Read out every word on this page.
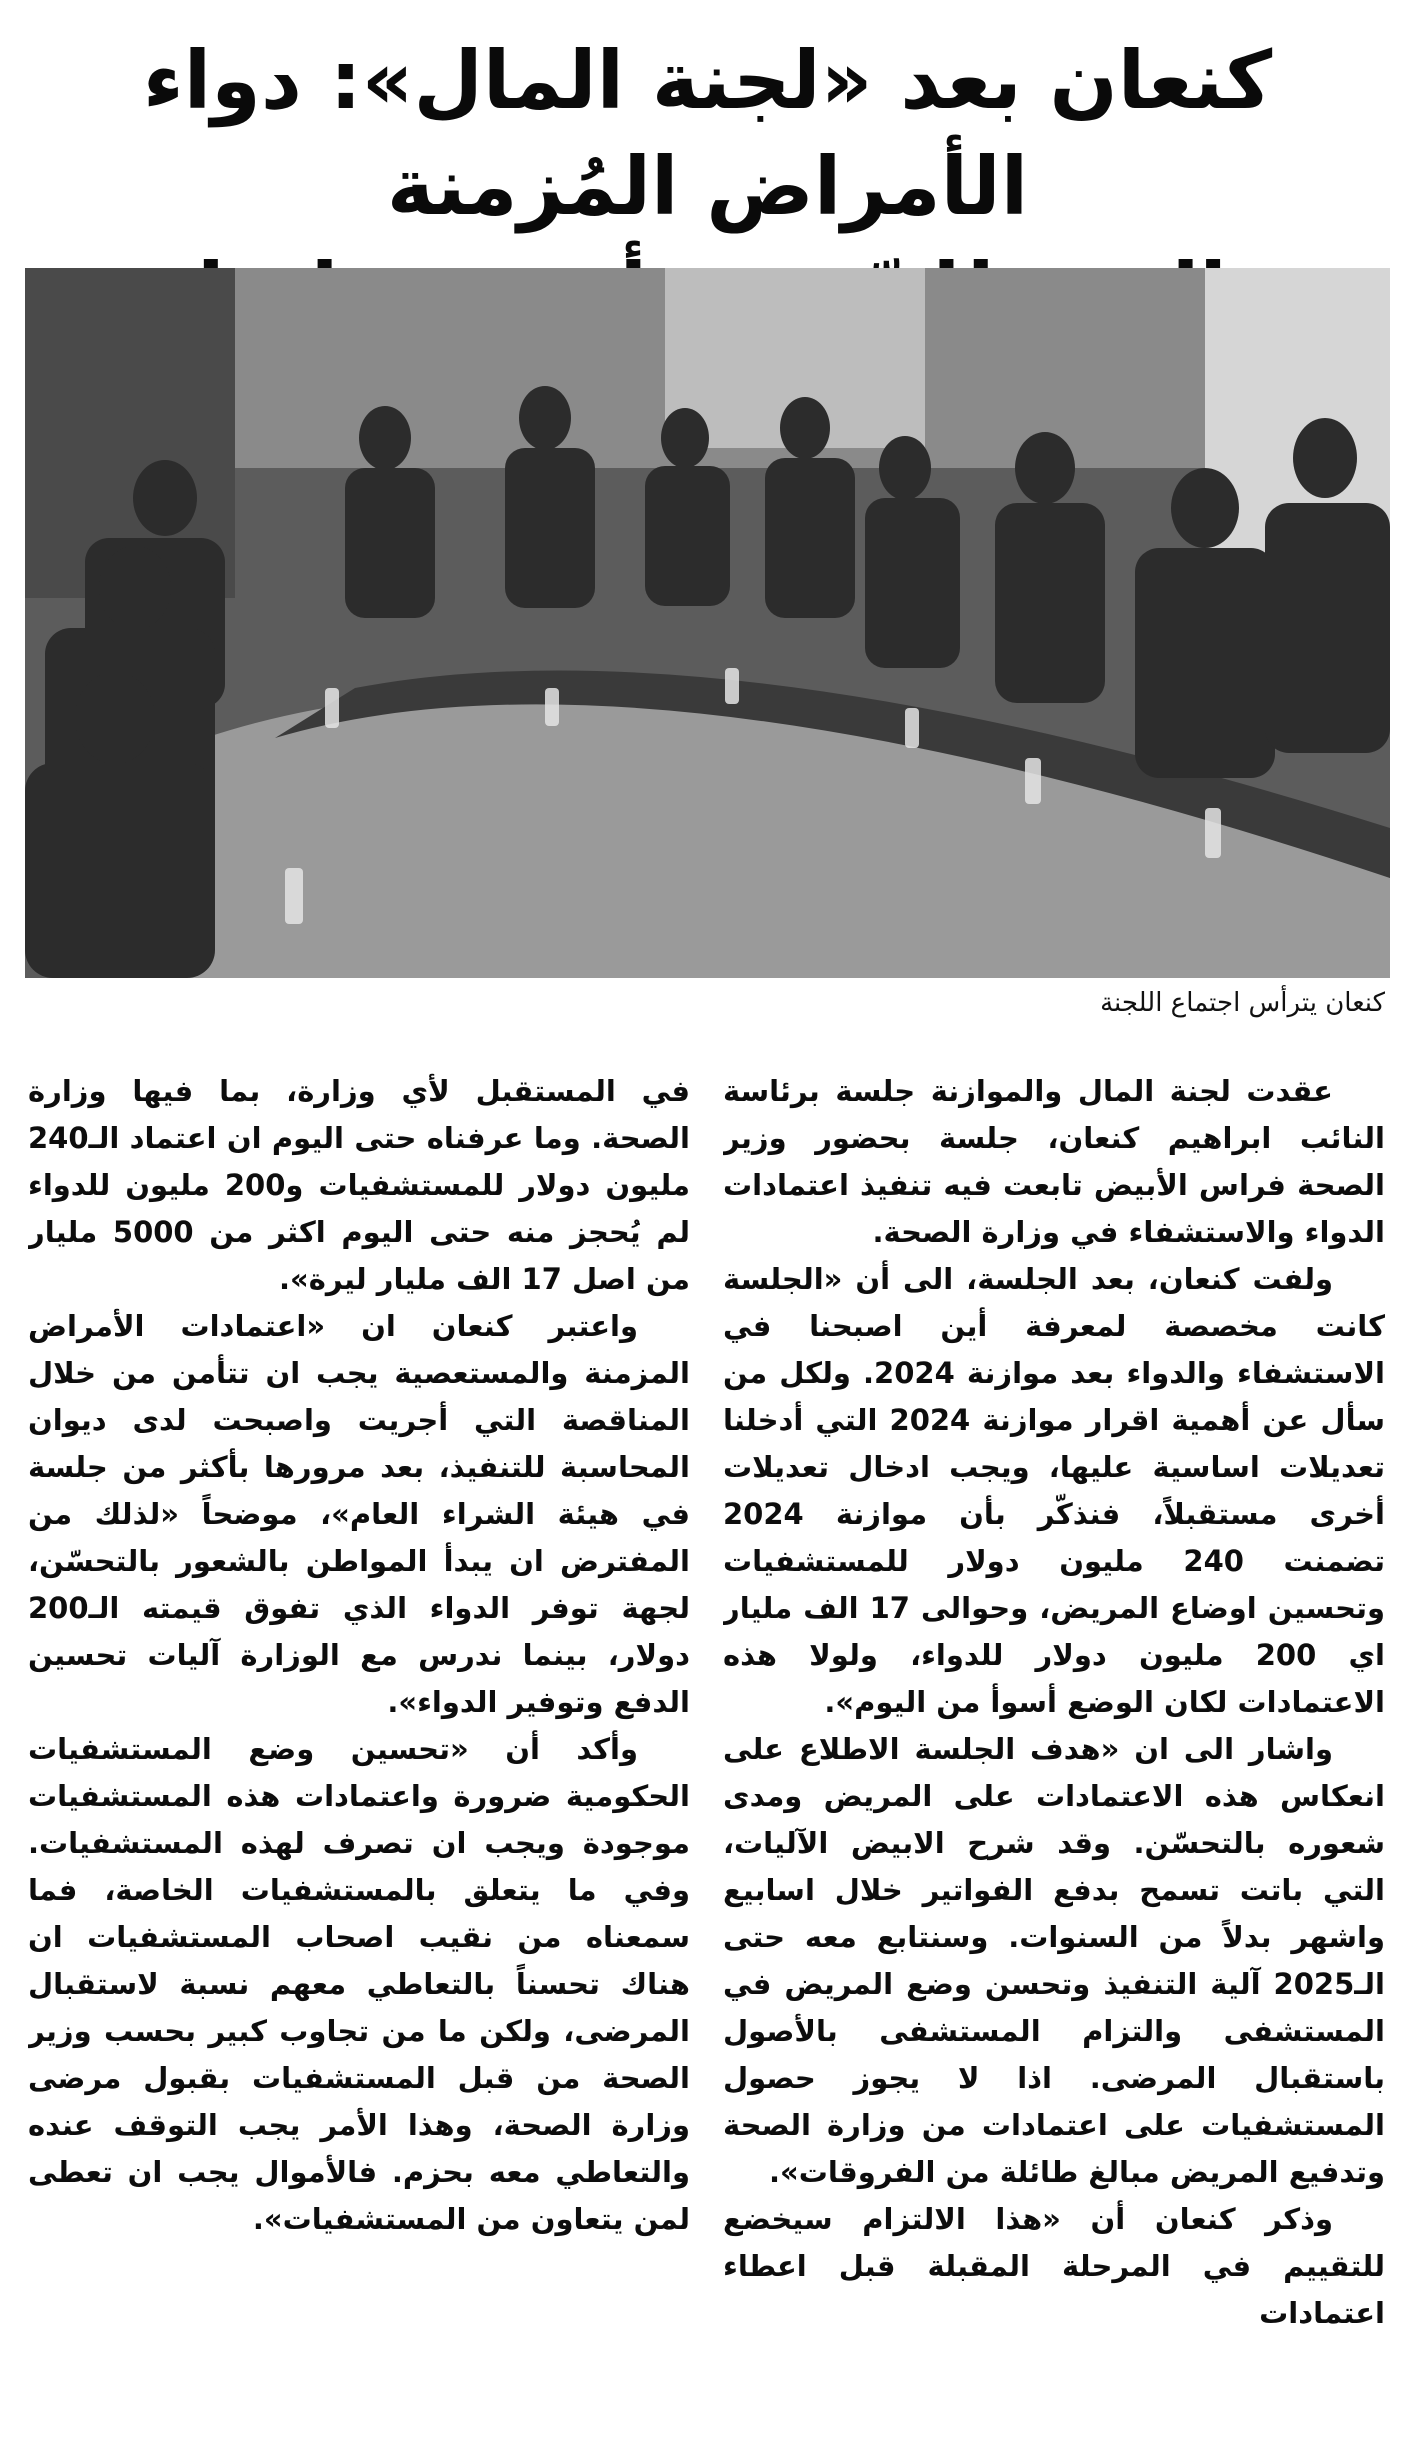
كنعان بعد «لجنة المال»: دواء الأمراض المُزمنة

كنعان يترأس اجتماع اللجنة

عقدت لجنة المال والموازنة جلسة برئاسة النائب ابراهيم كنعان، جلسة بحضور وزير الصحة فراس الأبيض تابعت فيه تنفيذ اعتمادات الدواء والاستشفاء في وزارة الصحة.

ولفت كنعان، بعد الجلسة، الى أن «الجلسة كانت مخصصة لمعرفة أين اصبحنا في الاستشفاء والدواء بعد موازنة 2024. ولكل من سأل عن أهمية اقرار موازنة 2024 التي أدخلنا تعديلات اساسية عليها، ويجب ادخال تعديلات أخرى مستقبلاً، فنذكّر بأن موازنة 2024 تضمنت 240 مليون دولار للمستشفيات وتحسين اوضاع المريض، وحوالى 17 الف مليار اي 200 مليون دولار للدواء، ولولا هذه الاعتمادات لكان الوضع أسوأ من اليوم».

واشار الى ان «هدف الجلسة الاطلاع على انعكاس هذه الاعتمادات على المريض ومدى شعوره بالتحسّن. وقد شرح الابيض الآليات، التي باتت تسمح بدفع الفواتير خلال اسابيع واشهر بدلاً من السنوات. وسنتابع معه حتى الـ2025 آلية التنفيذ وتحسن وضع المريض في المستشفى والتزام المستشفى بالأصول باستقبال المرضى. اذا لا يجوز حصول المستشفيات على اعتمادات من وزارة الصحة وتدفيع المريض مبالغ طائلة من الفروقات».

وذكر كنعان أن «هذا الالتزام سيخضع للتقييم في المرحلة المقبلة قبل اعطاء اعتمادات

في المستقبل لأي وزارة، بما فيها وزارة الصحة. وما عرفناه حتى اليوم ان اعتماد الـ240 مليون دولار للمستشفيات و200 مليون للدواء لم يُحجز منه حتى اليوم اكثر من 5000 مليار من اصل 17 الف مليار ليرة».

واعتبر كنعان ان «اعتمادات الأمراض المزمنة والمستعصية يجب ان تتأمن من خلال المناقصة التي أجريت واصبحت لدى ديوان المحاسبة للتنفيذ، بعد مرورها بأكثر من جلسة في هيئة الشراء العام»، موضحاً «لذلك من المفترض ان يبدأ المواطن بالشعور بالتحسّن، لجهة توفر الدواء الذي تفوق قيمته الـ200 دولار، بينما ندرس مع الوزارة آليات تحسين الدفع وتوفير الدواء».

وأكد أن «تحسين وضع المستشفيات الحكومية ضرورة واعتمادات هذه المستشفيات موجودة ويجب ان تصرف لهذه المستشفيات. وفي ما يتعلق بالمستشفيات الخاصة، فما سمعناه من نقيب اصحاب المستشفيات ان هناك تحسناً بالتعاطي معهم نسبة لاستقبال المرضى، ولكن ما من تجاوب كبير بحسب وزير الصحة من قبل المستشفيات بقبول مرضى وزارة الصحة، وهذا الأمر يجب التوقف عنده والتعاطي معه بحزم. فالأموال يجب ان تعطى لمن يتعاون من المستشفيات».
